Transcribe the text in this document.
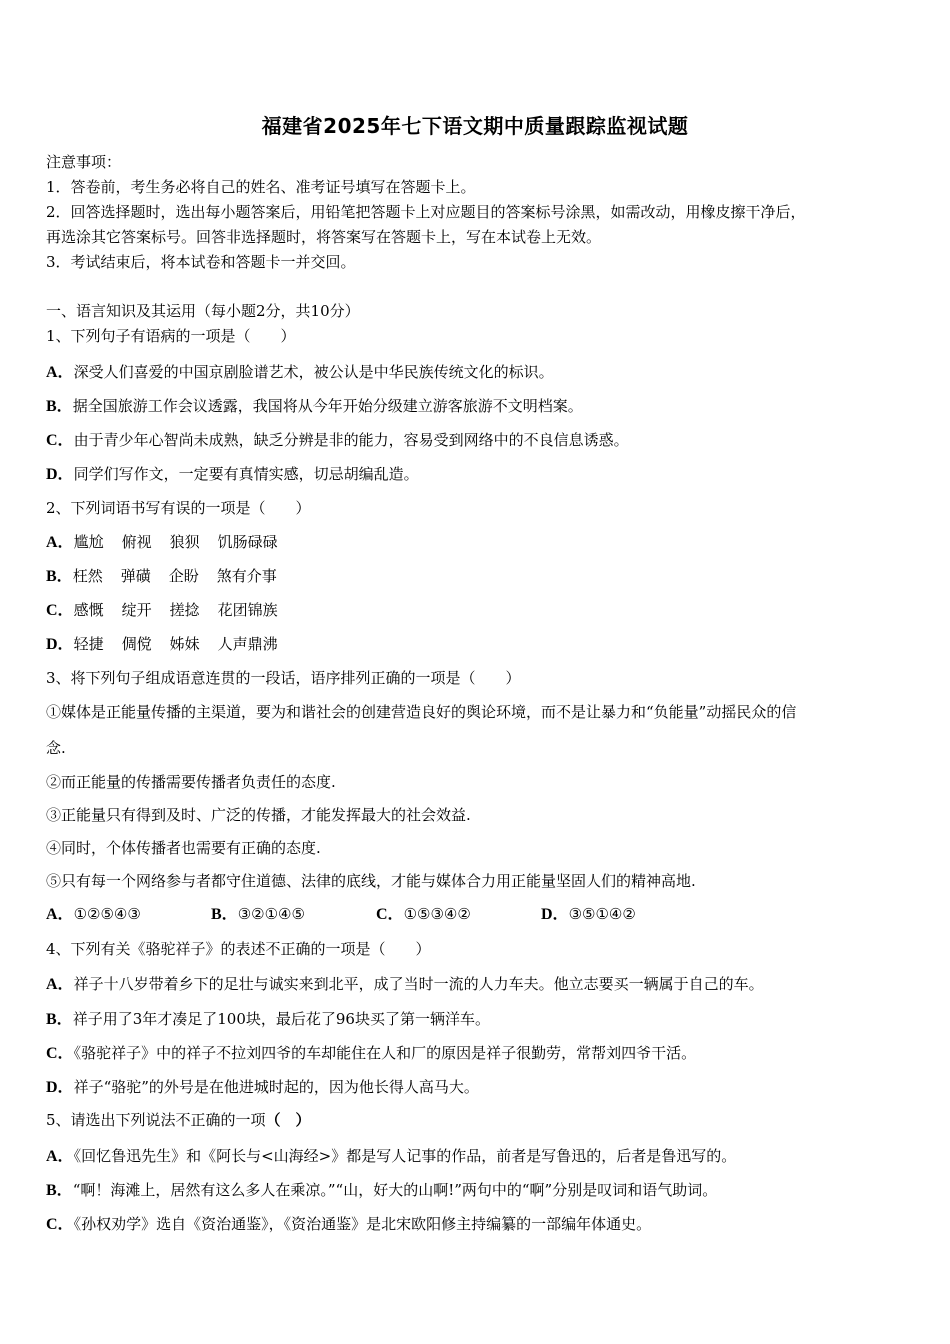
福建省2025年七下语文期中质量跟踪监视试题
注意事项：
1．答卷前，考生务必将自己的姓名、准考证号填写在答题卡上。
2．回答选择题时，选出每小题答案后，用铅笔把答题卡上对应题目的答案标号涂黑，如需改动，用橡皮擦干净后，
再选涂其它答案标号。回答非选择题时，将答案写在答题卡上，写在本试卷上无效。
3．考试结束后，将本试卷和答题卡一并交回。
一、语言知识及其运用（每小题2分，共10分）
1、下列句子有语病的一项是（　　）
A．深受人们喜爱的中国京剧脸谱艺术，被公认是中华民族传统文化的标识。
B．据全国旅游工作会议透露，我国将从今年开始分级建立游客旅游不文明档案。
C．由于青少年心智尚未成熟，缺乏分辨是非的能力，容易受到网络中的不良信息诱惑。
D．同学们写作文，一定要有真情实感，切忌胡编乱造。
2、下列词语书写有误的一项是（　　）
A．尴尬 俯视 狼狈 饥肠碌碌
B．枉然 弹磺 企盼 煞有介事
C．感慨 绽开 搓捻 花团锦族
D．轻捷 倜傥 姊妹 人声鼎沸
3、将下列句子组成语意连贯的一段话，语序排列正确的一项是（　　）
①媒体是正能量传播的主渠道，要为和谐社会的创建营造良好的舆论环境，而不是让暴力和“负能量”动摇民众的信
念.
②而正能量的传播需要传播者负责任的态度.
③正能量只有得到及时、广泛的传播，才能发挥最大的社会效益.
④同时，个体传播者也需要有正确的态度.
⑤只有每一个网络参与者都守住道德、法律的底线，才能与媒体合力用正能量坚固人们的精神高地.
A．①②⑤④③	B．③②①④⑤	C．①⑤③④②	D．③⑤①④②
4、下列有关《骆驼祥子》的表述不正确的一项是（　　）
A．祥子十八岁带着乡下的足壮与诚实来到北平，成了当时一流的人力车夫。他立志要买一辆属于自己的车。
B．祥子用了3年才凑足了100块，最后花了96块买了第一辆洋车。
C．《骆驼祥子》中的祥子不拉刘四爷的车却能住在人和厂的原因是祥子很勤劳，常帮刘四爷干活。
D．祥子“骆驼”的外号是在他进城时起的，因为他长得人高马大。
5、请选出下列说法不正确的一项（　）
A．《回忆鲁迅先生》和《阿长与<山海经>》都是写人记事的作品，前者是写鲁迅的，后者是鲁迅写的。
B．“啊！海滩上，居然有这么多人在乘凉。”“山，好大的山啊!”两句中的“啊”分别是叹词和语气助词。
C．《孙权劝学》选自《资治通鉴》，《资治通鉴》是北宋欧阳修主持编纂的一部编年体通史。
